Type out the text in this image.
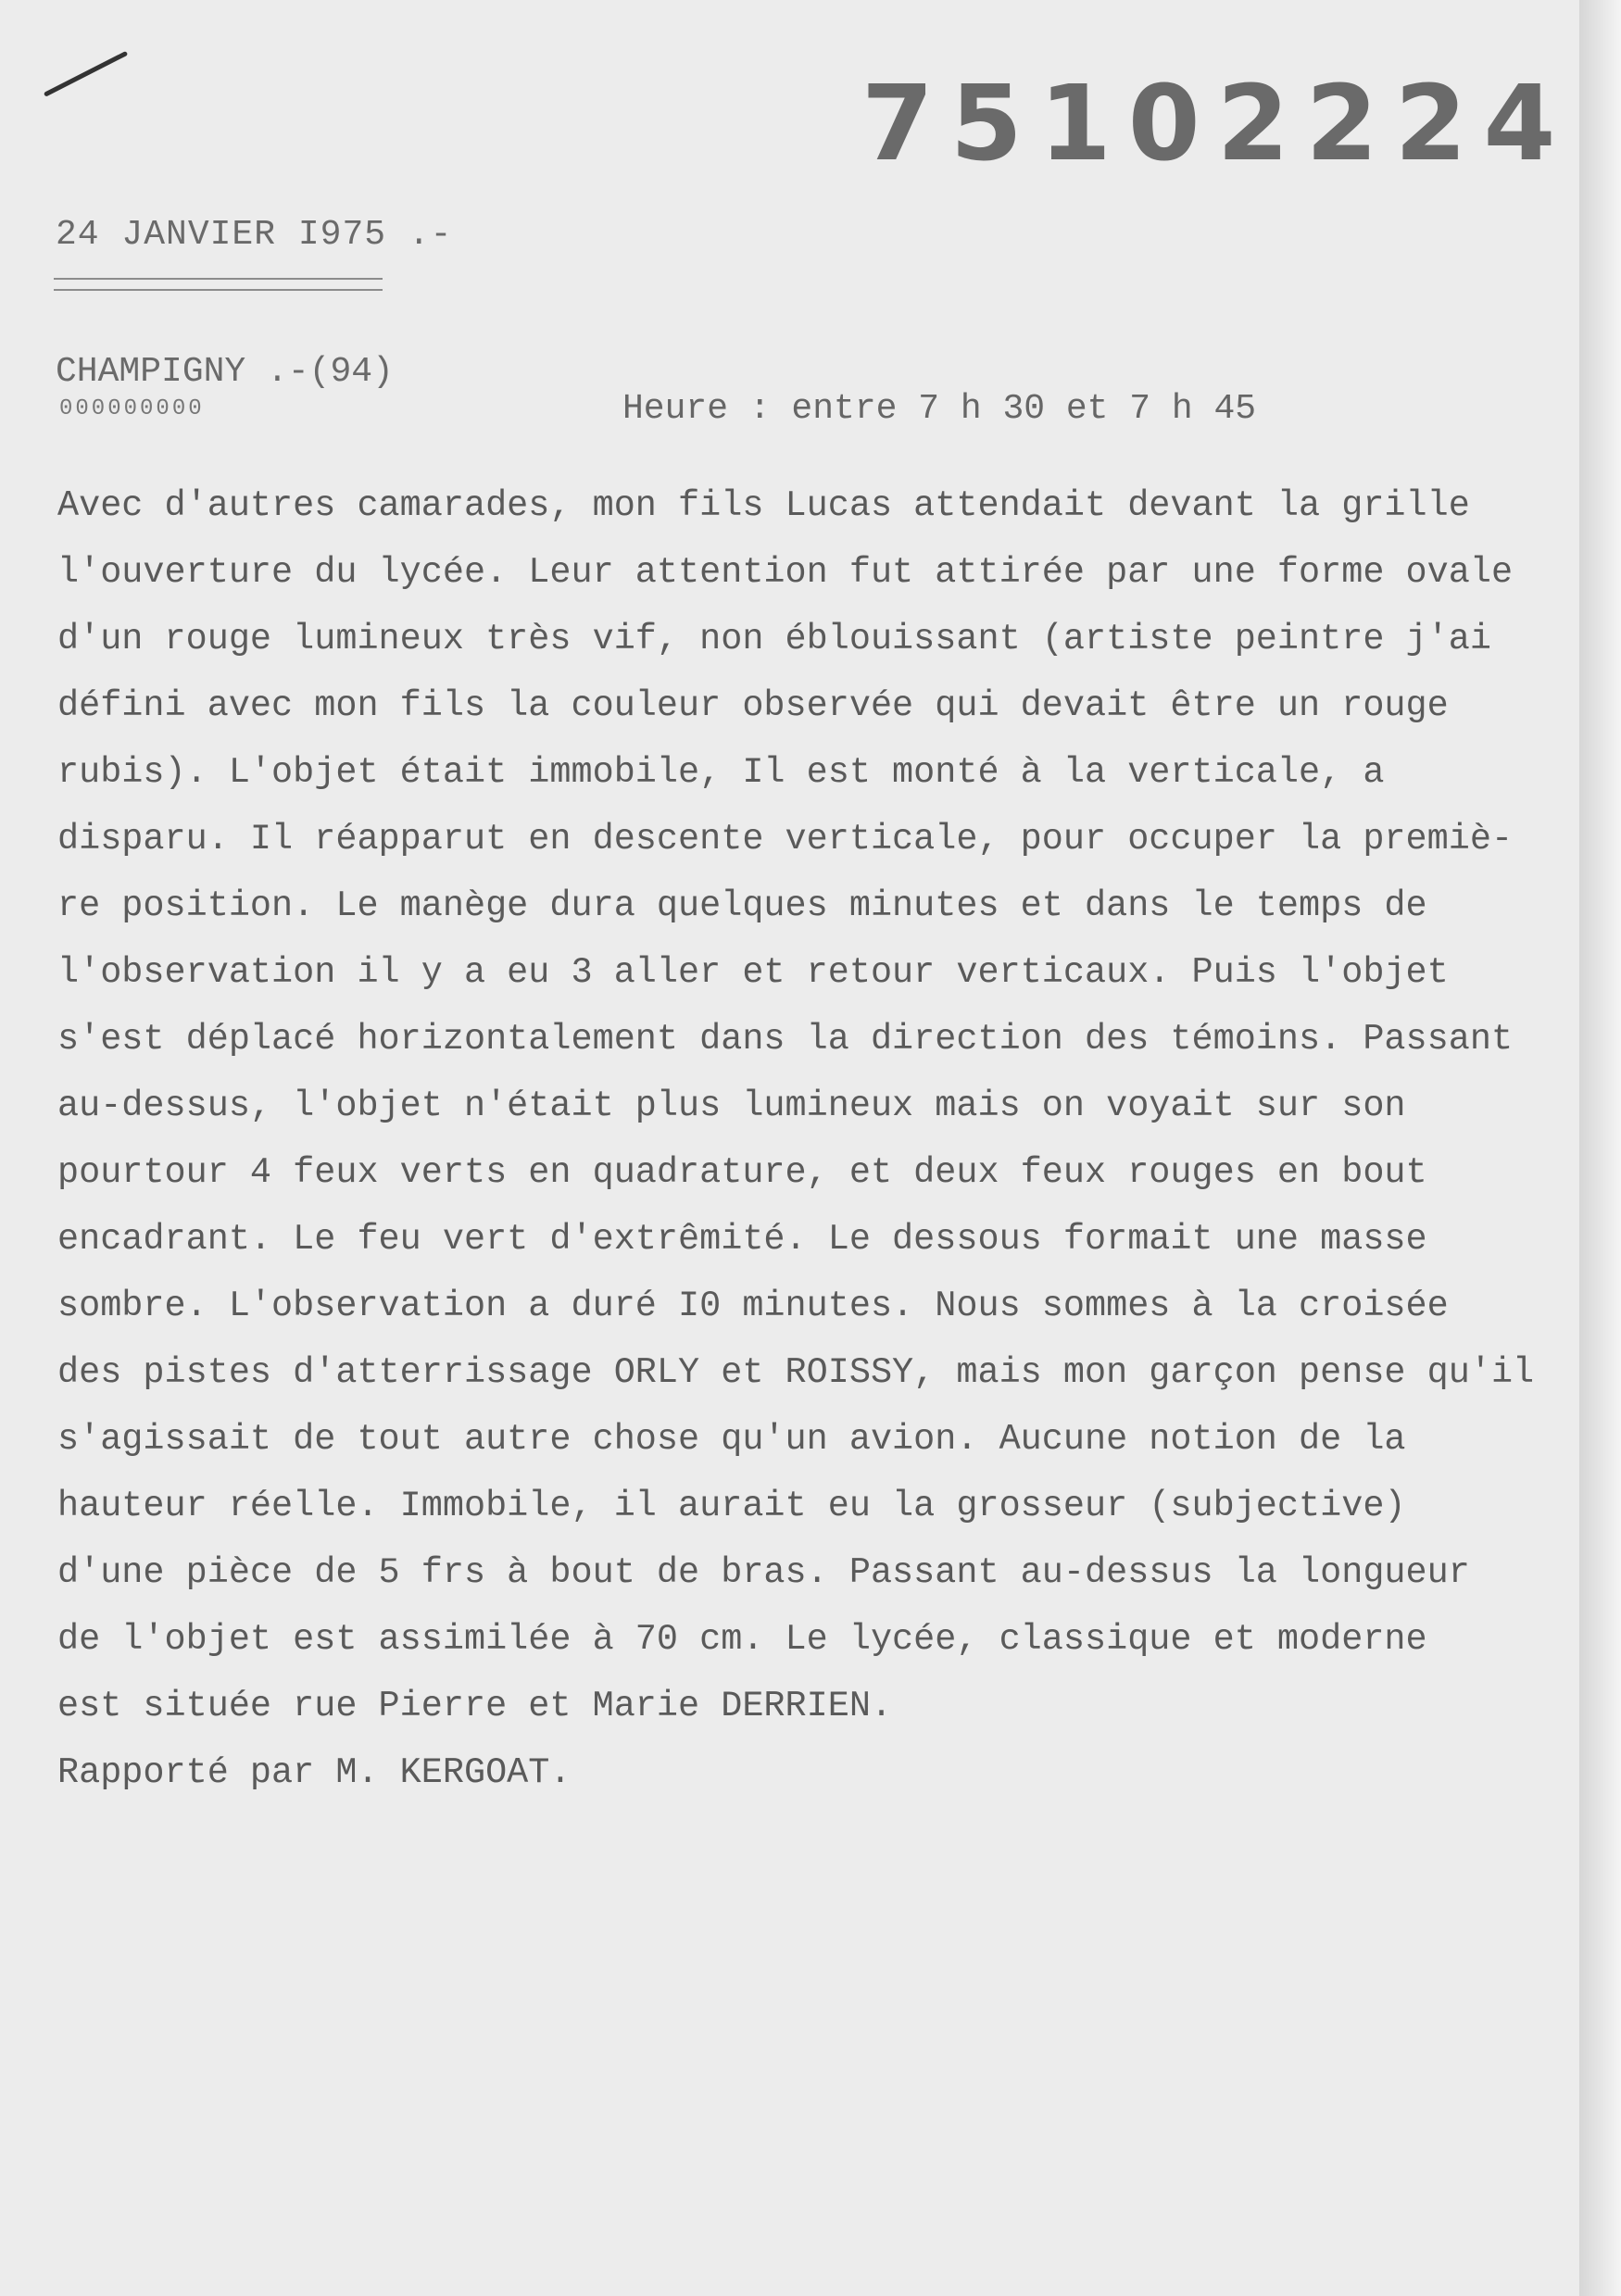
75102224
24 JANVIER I975 .-
CHAMPIGNY .-(94)
000000000	Heure : entre 7 h 30 et 7 h 45
Avec d'autres camarades, mon fils Lucas attendait devant la grille
l'ouverture du lycée. Leur attention fut attirée par une forme ovale
d'un rouge lumineux très vif, non éblouissant (artiste peintre j'ai
défini avec mon fils la couleur observée qui devait être un rouge
rubis). L'objet était immobile, Il est monté à la verticale, a
disparu. Il réapparut en descente verticale, pour occuper la premiè-
re position. Le manège dura quelques minutes et dans le temps de
l'observation il y a eu 3 aller et retour verticaux. Puis l'objet
s'est déplacé horizontalement dans la direction des témoins. Passant
au-dessus, l'objet n'était plus lumineux mais on voyait sur son
pourtour 4 feux verts en quadrature, et deux feux rouges en bout
encadrant. Le feu vert d'extrêmité. Le dessous formait une masse
sombre. L'observation a duré I0 minutes. Nous sommes à la croisée
des pistes d'atterrissage ORLY et ROISSY, mais mon garçon pense qu'il
s'agissait de tout autre chose qu'un avion. Aucune notion de la
hauteur réelle. Immobile, il aurait eu la grosseur (subjective)
d'une pièce de 5 frs à bout de bras. Passant au-dessus la longueur
de l'objet est assimilée à 70 cm. Le lycée, classique et moderne
est située rue Pierre et Marie DERRIEN.
Rapporté par M. KERGOAT.
